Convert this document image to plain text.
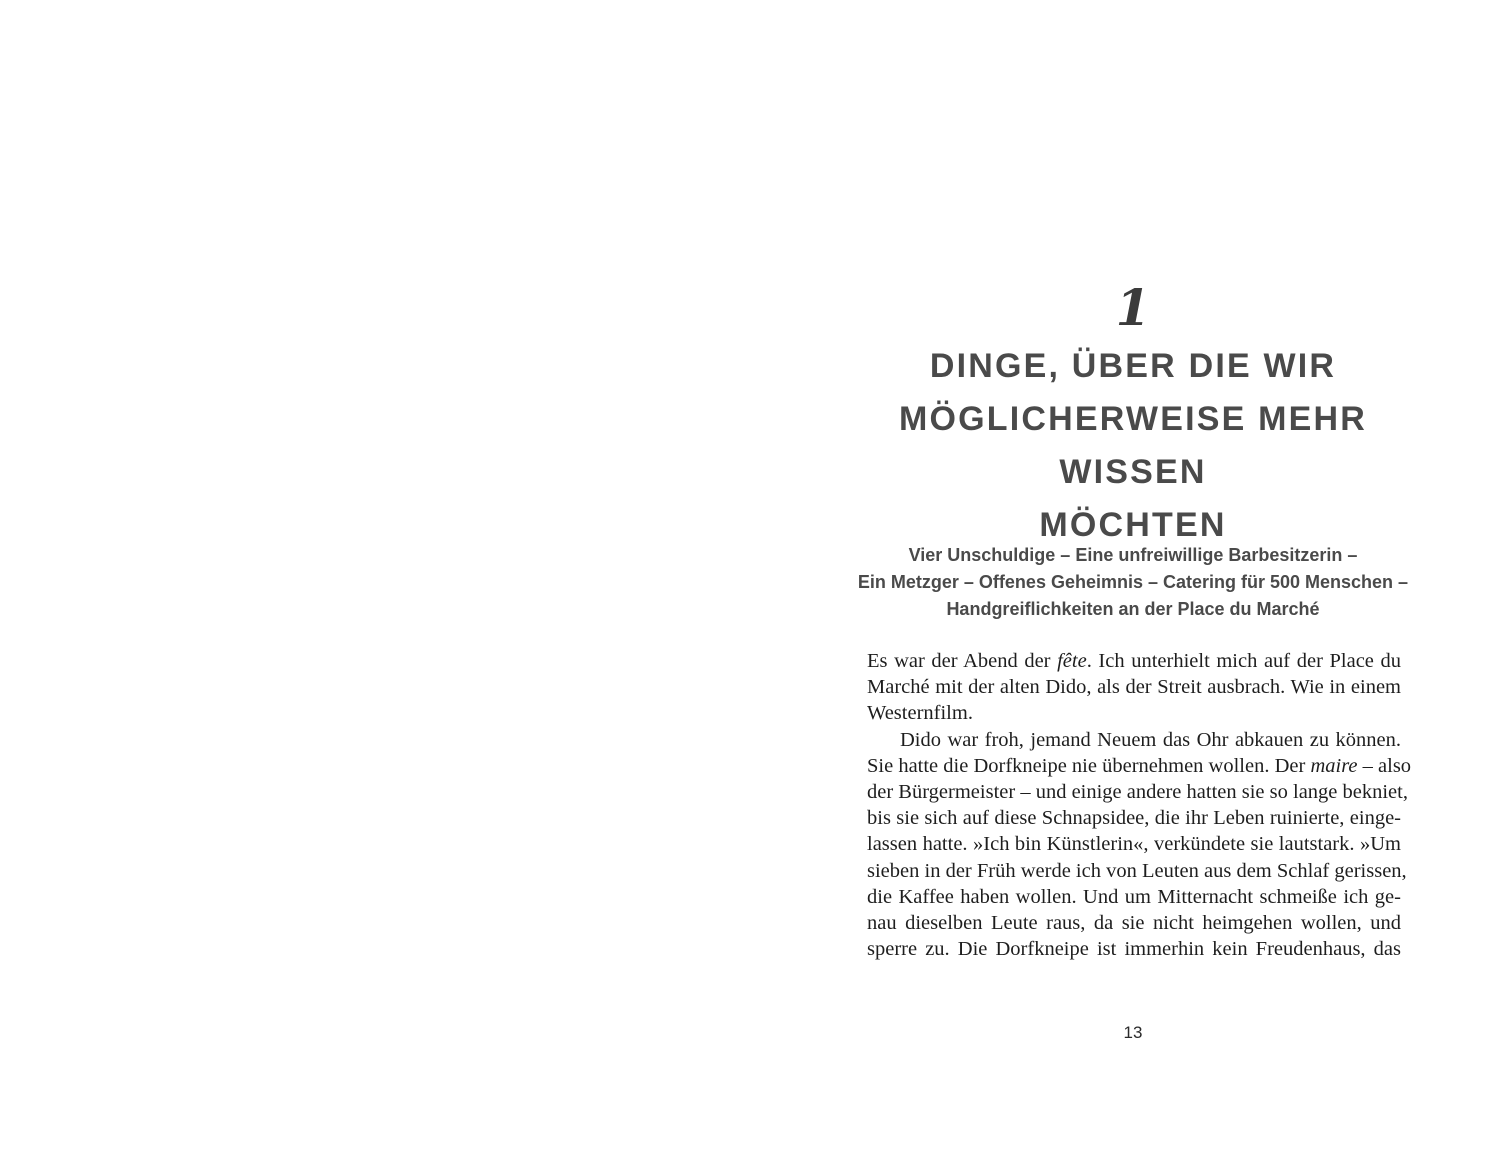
1
DINGE, ÜBER DIE WIR
MÖGLICHERWEISE MEHR WISSEN
MÖCHTEN
Vier Unschuldige – Eine unfreiwillige Barbesitzerin –
Ein Metzger – Offenes Geheimnis – Catering für 500 Menschen –
Handgreiflichkeiten an der Place du Marché
Es war der Abend der fête. Ich unterhielt mich auf der Place du
Marché mit der alten Dido, als der Streit ausbrach. Wie in einem
Westernfilm.
Dido war froh, jemand Neuem das Ohr abkauen zu können.
Sie hatte die Dorfkneipe nie übernehmen wollen. Der maire – also
der Bürgermeister – und einige andere hatten sie so lange bekniet,
bis sie sich auf diese Schnapsidee, die ihr Leben ruinierte, einge-
lassen hatte. »Ich bin Künstlerin«, verkündete sie lautstark. »Um
sieben in der Früh werde ich von Leuten aus dem Schlaf gerissen,
die Kaffee haben wollen. Und um Mitternacht schmeiße ich ge-
nau dieselben Leute raus, da sie nicht heimgehen wollen, und
sperre zu. Die Dorfkneipe ist immerhin kein Freudenhaus, das
13
